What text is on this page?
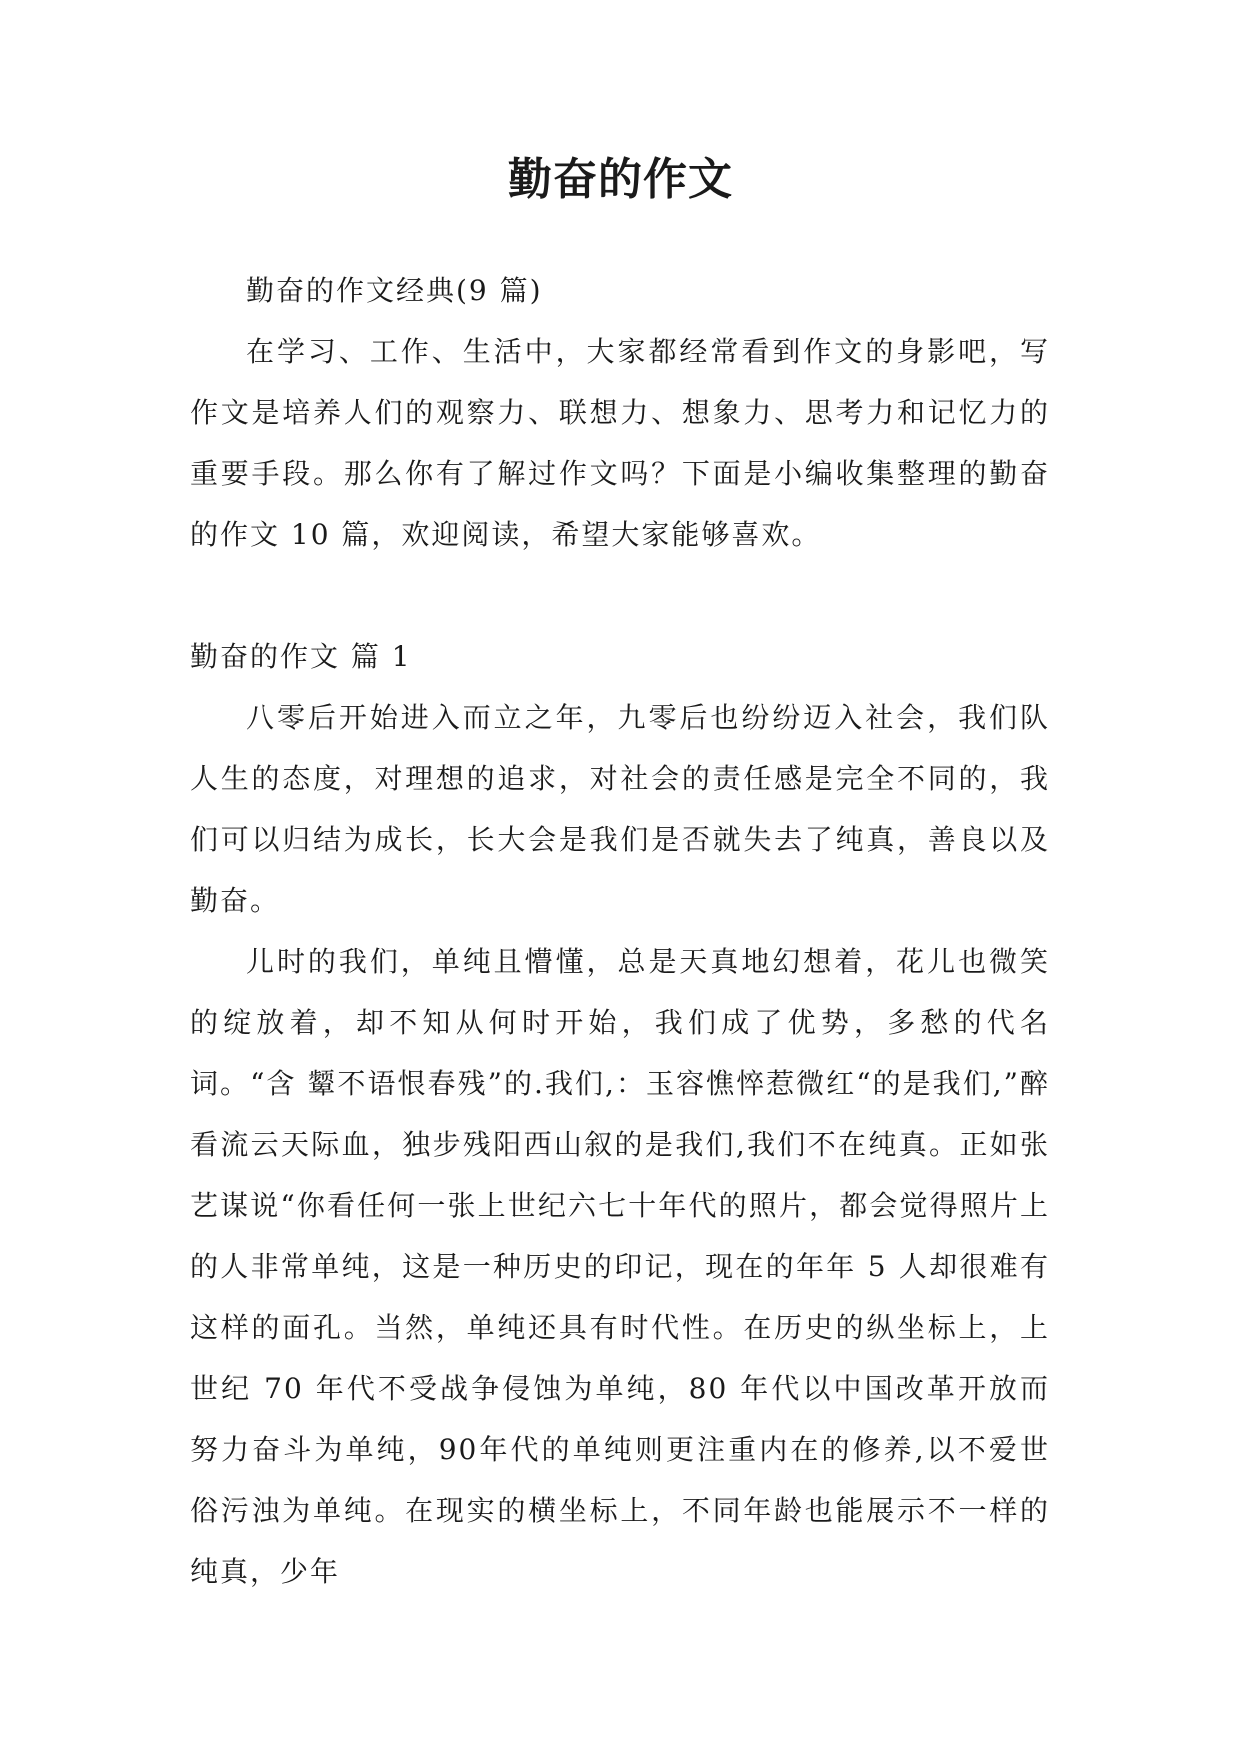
勤奋的作文

勤奋的作文经典(9 篇)

在学习、工作、生活中，大家都经常看到作文的身影吧，写作文是培养人们的观察力、联想力、想象力、思考力和记忆力的重要手段。那么你有了解过作文吗？下面是小编收集整理的勤奋的作文 10 篇，欢迎阅读，希望大家能够喜欢。

勤奋的作文 篇 1

八零后开始进入而立之年，九零后也纷纷迈入社会，我们队人生的态度，对理想的追求，对社会的责任感是完全不同的，我们可以归结为成长，长大会是我们是否就失去了纯真，善良以及勤奋。

儿时的我们，单纯且懵懂，总是天真地幻想着，花儿也微笑的绽放着，却不知从何时开始，我们成了优势，多愁的代名词。“含 颦不语恨春残”的.我们,：玉容憔悴惹微红“的是我们,”醉看流云天际血，独步残阳西山叙的是我们,我们不在纯真。正如张艺谋说“你看任何一张上世纪六七十年代的照片，都会觉得照片上的人非常单纯，这是一种历史的印记，现在的年年 5 人却很难有这样的面孔。当然，单纯还具有时代性。在历史的纵坐标上，上世纪 70 年代不受战争侵蚀为单纯，80 年代以中国改革开放而努力奋斗为单纯，90年代的单纯则更注重内在的修养,以不爱世俗污浊为单纯。在现实的横坐标上，不同年龄也能展示不一样的纯真，少年
